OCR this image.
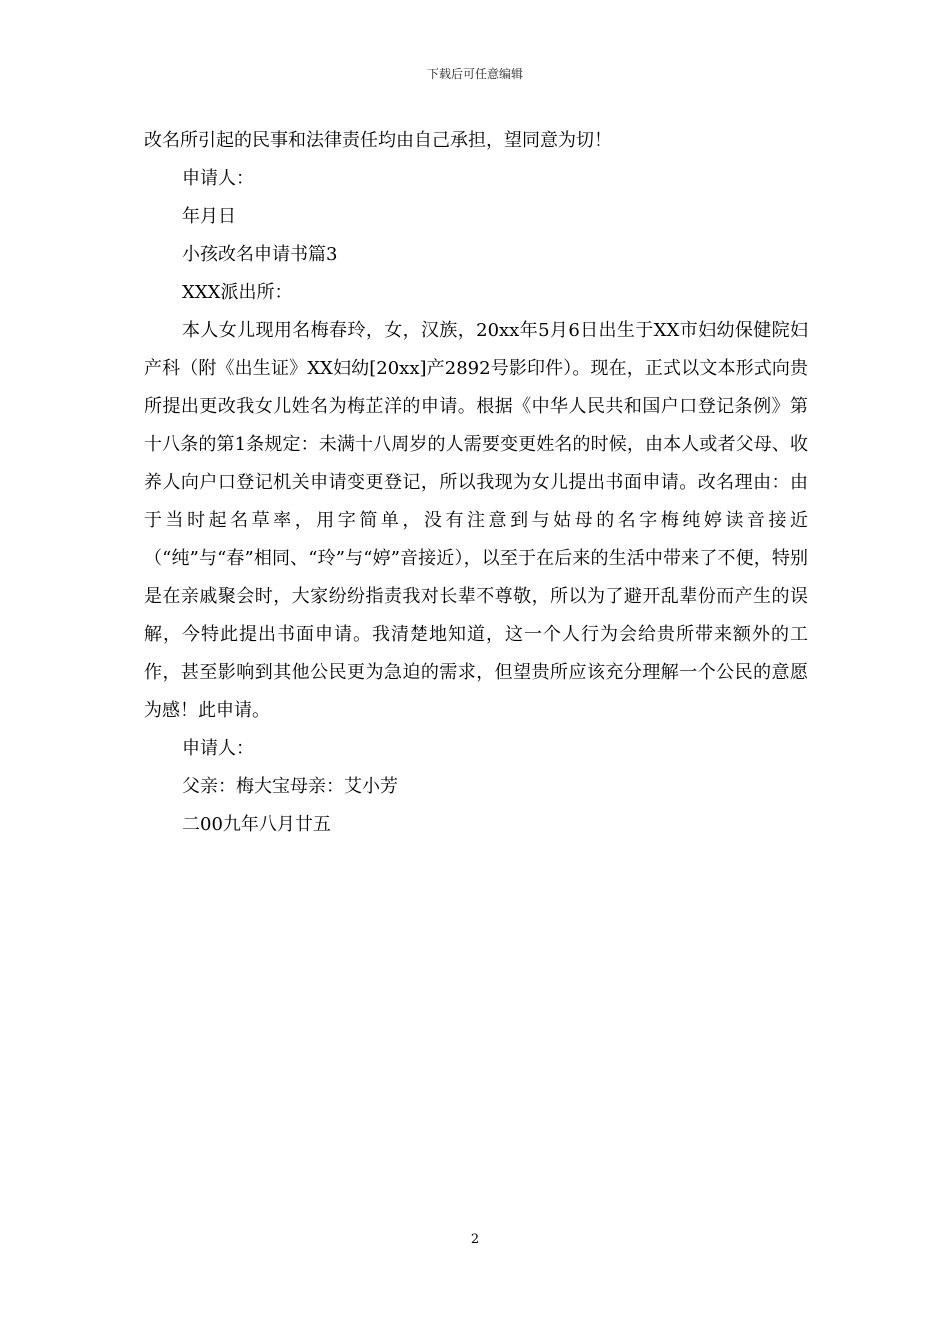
下载后可任意编辑

改名所引起的民事和法律责任均由自己承担，望同意为切！

申请人：

年月日

小孩改名申请书篇3

XXX派出所：

本人女儿现用名梅春玲，女，汉族，20xx年5月6日出生于XX市妇幼保健院妇产科（附《出生证》XX妇幼[20xx]产2892号影印件）。现在，正式以文本形式向贵所提出更改我女儿姓名为梅芷洋的申请。根据《中华人民共和国户口登记条例》第十八条的第1条规定：未满十八周岁的人需要变更姓名的时候，由本人或者父母、收养人向户口登记机关申请变更登记，所以我现为女儿提出书面申请。改名理由：由于当时起名草率，用字简单，没有注意到与姑母的名字梅纯婷读音接近（“纯”与“春”相同、“玲”与“婷”音接近），以至于在后来的生活中带来了不便，特别是在亲戚聚会时，大家纷纷指责我对长辈不尊敬，所以为了避开乱辈份而产生的误解，今特此提出书面申请。我清楚地知道，这一个人行为会给贵所带来额外的工作，甚至影响到其他公民更为急迫的需求，但望贵所应该充分理解一个公民的意愿为感！此申请。

申请人：

父亲：梅大宝母亲：艾小芳

二00九年八月廿五

2
